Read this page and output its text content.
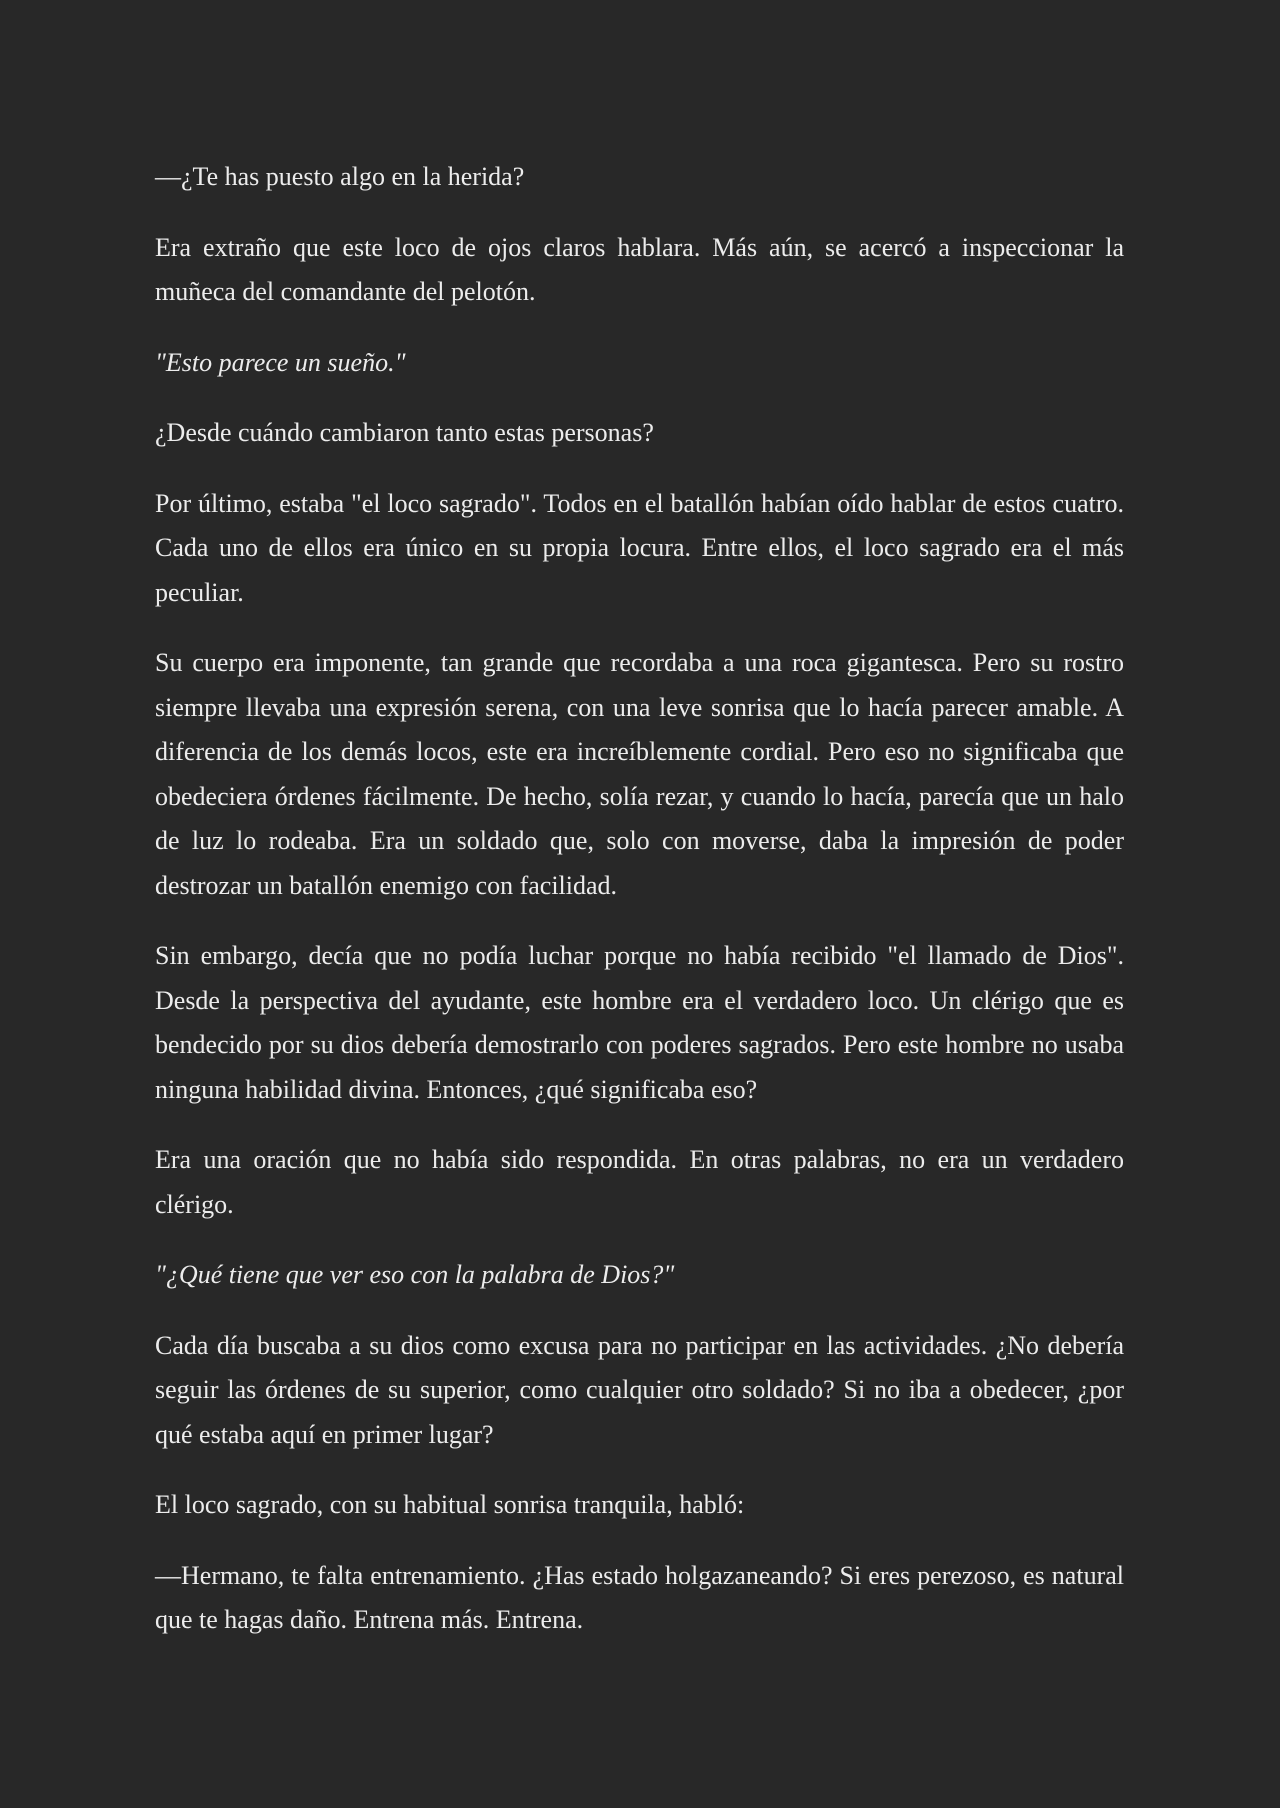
—¿Te has puesto algo en la herida?

Era extraño que este loco de ojos claros hablara. Más aún, se acercó a inspeccionar la muñeca del comandante del pelotón.

"Esto parece un sueño."

¿Desde cuándo cambiaron tanto estas personas?

Por último, estaba "el loco sagrado". Todos en el batallón habían oído hablar de estos cuatro. Cada uno de ellos era único en su propia locura. Entre ellos, el loco sagrado era el más peculiar.

Su cuerpo era imponente, tan grande que recordaba a una roca gigantesca. Pero su rostro siempre llevaba una expresión serena, con una leve sonrisa que lo hacía parecer amable. A diferencia de los demás locos, este era increíblemente cordial. Pero eso no significaba que obedeciera órdenes fácilmente. De hecho, solía rezar, y cuando lo hacía, parecía que un halo de luz lo rodeaba. Era un soldado que, solo con moverse, daba la impresión de poder destrozar un batallón enemigo con facilidad.

Sin embargo, decía que no podía luchar porque no había recibido "el llamado de Dios". Desde la perspectiva del ayudante, este hombre era el verdadero loco. Un clérigo que es bendecido por su dios debería demostrarlo con poderes sagrados. Pero este hombre no usaba ninguna habilidad divina. Entonces, ¿qué significaba eso?

Era una oración que no había sido respondida. En otras palabras, no era un verdadero clérigo.

"¿Qué tiene que ver eso con la palabra de Dios?"

Cada día buscaba a su dios como excusa para no participar en las actividades. ¿No debería seguir las órdenes de su superior, como cualquier otro soldado? Si no iba a obedecer, ¿por qué estaba aquí en primer lugar?

El loco sagrado, con su habitual sonrisa tranquila, habló:

—Hermano, te falta entrenamiento. ¿Has estado holgazaneando? Si eres perezoso, es natural que te hagas daño. Entrena más. Entrena.
